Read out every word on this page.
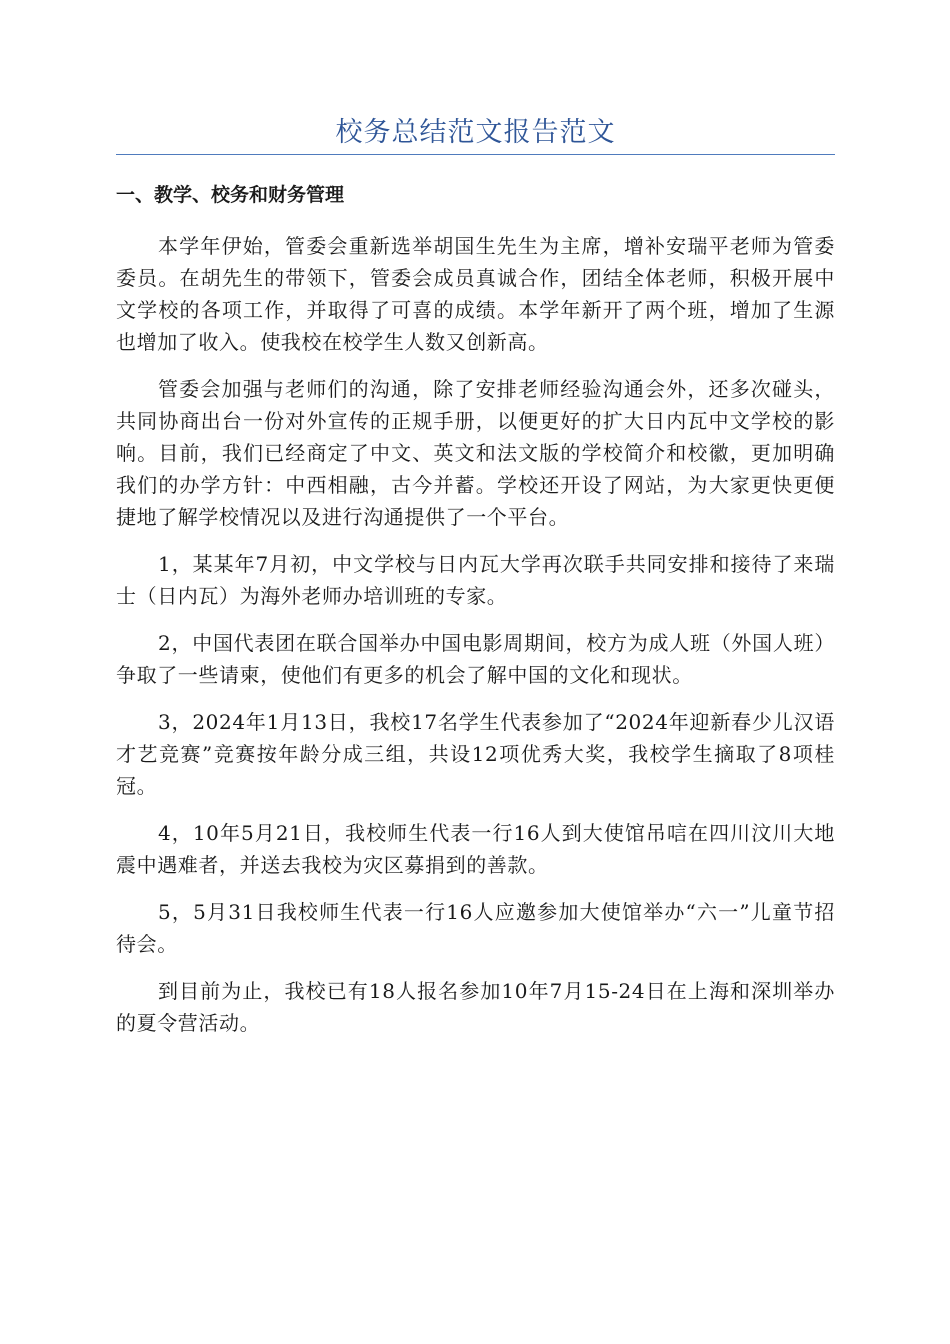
校务总结范文报告范文
一、教学、校务和财务管理

本学年伊始，管委会重新选举胡国生先生为主席，增补安瑞平老师为管委委员。在胡先生的带领下，管委会成员真诚合作，团结全体老师，积极开展中文学校的各项工作，并取得了可喜的成绩。本学年新开了两个班，增加了生源也增加了收入。使我校在校学生人数又创新高。

管委会加强与老师们的沟通，除了安排老师经验沟通会外，还多次碰头，共同协商出台一份对外宣传的正规手册，以便更好的扩大日内瓦中文学校的影响。目前，我们已经商定了中文、英文和法文版的学校简介和校徽，更加明确我们的办学方针：中西相融，古今并蓄。学校还开设了网站，为大家更快更便捷地了解学校情况以及进行沟通提供了一个平台。

1，某某年7月初，中文学校与日内瓦大学再次联手共同安排和接待了来瑞士（日内瓦）为海外老师办培训班的专家。

2，中国代表团在联合国举办中国电影周期间，校方为成人班（外国人班）争取了一些请柬，使他们有更多的机会了解中国的文化和现状。

3，2024年1月13日，我校17名学生代表参加了“2024年迎新春少儿汉语才艺竞赛”竞赛按年龄分成三组，共设12项优秀大奖，我校学生摘取了8项桂冠。

4，10年5月21日，我校师生代表一行16人到大使馆吊唁在四川汶川大地震中遇难者，并送去我校为灾区募捐到的善款。

5，5月31日我校师生代表一行16人应邀参加大使馆举办“六一”儿童节招待会。

到目前为止，我校已有18人报名参加10年7月15-24日在上海和深圳举办的夏令营活动。
